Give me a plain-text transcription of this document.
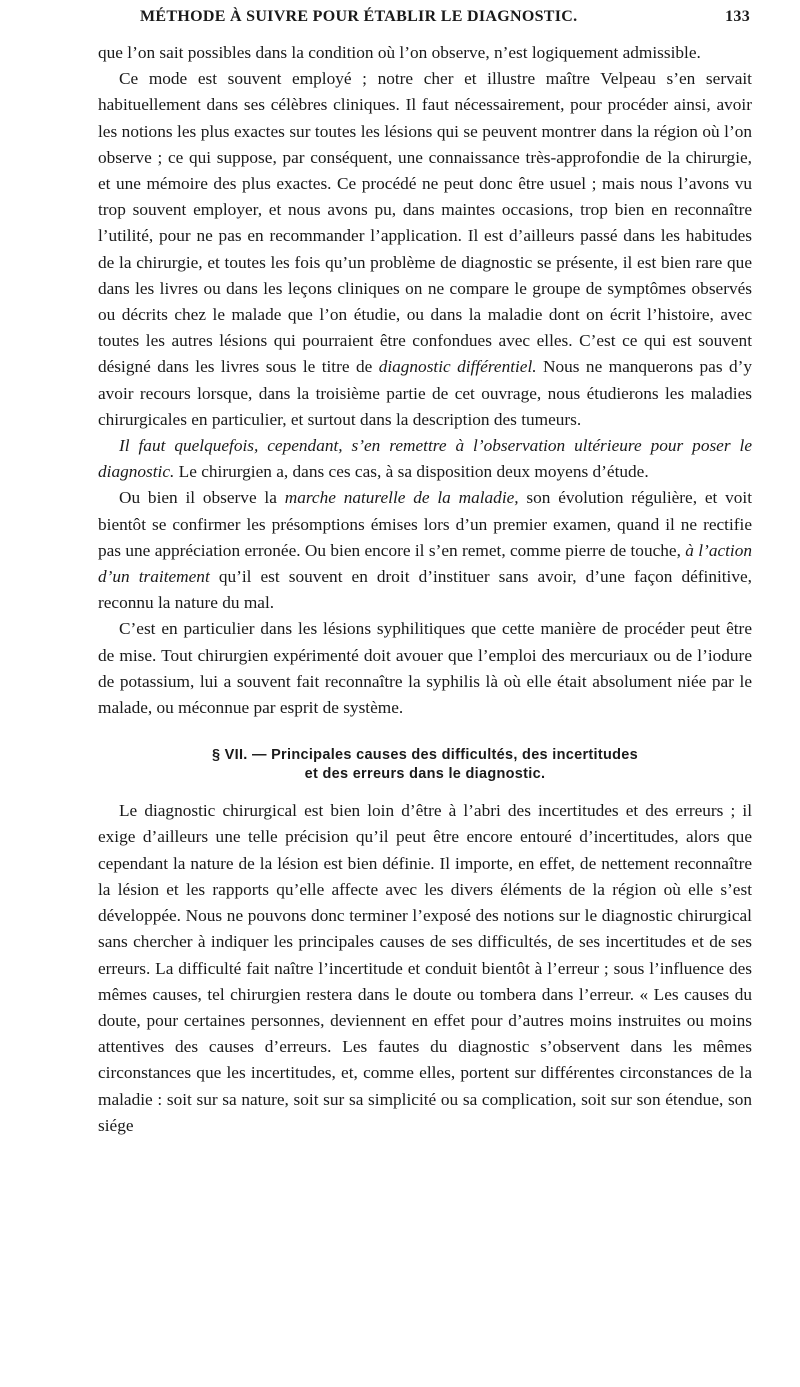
MÉTHODE À SUIVRE POUR ÉTABLIR LE DIAGNOSTIC.	133

que l’on sait possibles dans la condition où l’on observe, n’est logiquement admissible.

Ce mode est souvent employé ; notre cher et illustre maître Velpeau s’en servait habituellement dans ses célèbres cliniques. Il faut nécessairement, pour procéder ainsi, avoir les notions les plus exactes sur toutes les lésions qui se peuvent montrer dans la région où l’on observe ; ce qui suppose, par conséquent, une connaissance très-approfondie de la chirurgie, et une mémoire des plus exactes. Ce procédé ne peut donc être usuel ; mais nous l’avons vu trop souvent employer, et nous avons pu, dans maintes occasions, trop bien en reconnaître l’utilité, pour ne pas en recommander l’application. Il est d’ailleurs passé dans les habitudes de la chirurgie, et toutes les fois qu’un problème de diagnostic se présente, il est bien rare que dans les livres ou dans les leçons cliniques on ne compare le groupe de symptômes observés ou décrits chez le malade que l’on étudie, ou dans la maladie dont on écrit l’histoire, avec toutes les autres lésions qui pourraient être confondues avec elles. C’est ce qui est souvent désigné dans les livres sous le titre de diagnostic différentiel. Nous ne manquerons pas d’y avoir recours lorsque, dans la troisième partie de cet ouvrage, nous étudierons les maladies chirurgicales en particulier, et surtout dans la description des tumeurs.

Il faut quelquefois, cependant, s’en remettre à l’observation ultérieure pour poser le diagnostic. Le chirurgien a, dans ces cas, à sa disposition deux moyens d’étude.

Ou bien il observe la marche naturelle de la maladie, son évolution régulière, et voit bientôt se confirmer les présomptions émises lors d’un premier examen, quand il ne rectifie pas une appréciation erronée. Ou bien encore il s’en remet, comme pierre de touche, à l’action d’un traitement qu’il est souvent en droit d’instituer sans avoir, d’une façon définitive, reconnu la nature du mal.

C’est en particulier dans les lésions syphilitiques que cette manière de procéder peut être de mise. Tout chirurgien expérimenté doit avouer que l’emploi des mercuriaux ou de l’iodure de potassium, lui a souvent fait reconnaître la syphilis là où elle était absolument niée par le malade, ou méconnue par esprit de système.

§ VII. — Principales causes des difficultés, des incertitudes
et des erreurs dans le diagnostic.

Le diagnostic chirurgical est bien loin d’être à l’abri des incertitudes et des erreurs ; il exige d’ailleurs une telle précision qu’il peut être encore entouré d’incertitudes, alors que cependant la nature de la lésion est bien définie. Il importe, en effet, de nettement reconnaître la lésion et les rapports qu’elle affecte avec les divers éléments de la région où elle s’est développée. Nous ne pouvons donc terminer l’exposé des notions sur le diagnostic chirurgical sans chercher à indiquer les principales causes de ses difficultés, de ses incertitudes et de ses erreurs. La difficulté fait naître l’incertitude et conduit bientôt à l’erreur ; sous l’influence des mêmes causes, tel chirurgien restera dans le doute ou tombera dans l’erreur. « Les causes du doute, pour certaines personnes, deviennent en effet pour d’autres moins instruites ou moins attentives des causes d’erreurs. Les fautes du diagnostic s’observent dans les mêmes circonstances que les incertitudes, et, comme elles, portent sur différentes circonstances de la maladie : soit sur sa nature, soit sur sa simplicité ou sa complication, soit sur son étendue, son siége
